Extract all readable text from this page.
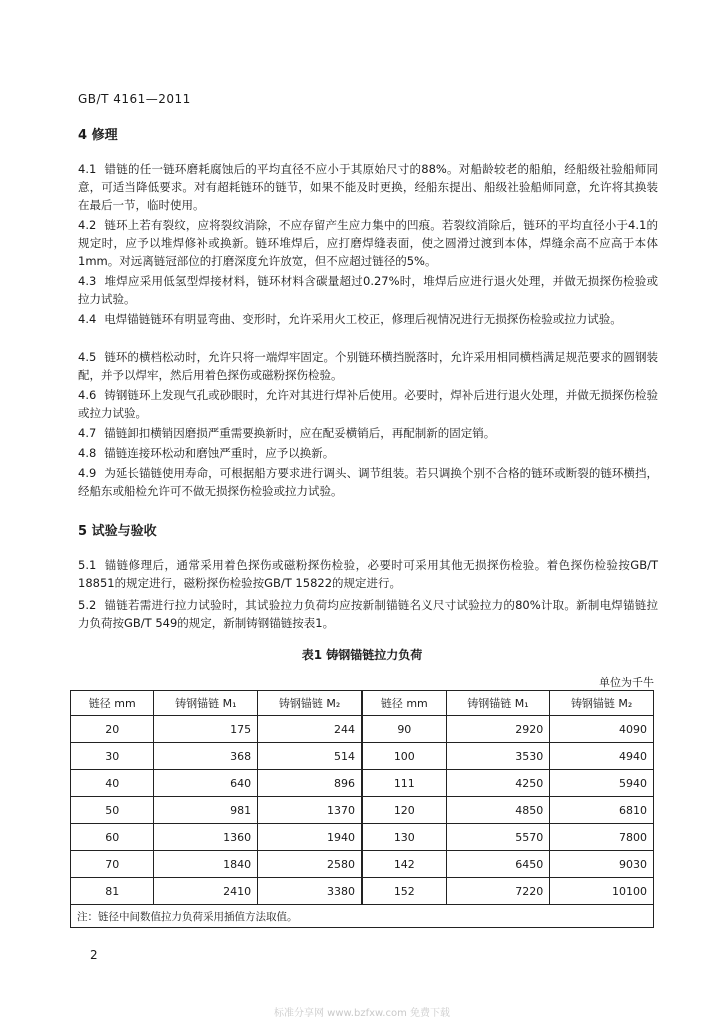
GB/T 4161—2011
4 修理
4.1 错链的任一链环磨耗腐蚀后的平均直径不应小于其原始尺寸的88%。对船龄较老的船舶，经船级社验船师同意，可适当降低要求。对有超耗链环的链节，如果不能及时更换，经船东提出、船级社验船师同意，允许将其换装在最后一节，临时使用。
4.2 链环上若有裂纹，应将裂纹消除，不应存留产生应力集中的凹痕。若裂纹消除后，链环的平均直径小于4.1的规定时，应予以堆焊修补或换新。链环堆焊后，应打磨焊缝表面，使之圆滑过渡到本体，焊缝余高不应高于本体1mm。对远离链冠部位的打磨深度允许放宽，但不应超过链径的5%。
4.3 堆焊应采用低氢型焊接材料，链环材料含碳量超过0.27%时，堆焊后应进行退火处理，并做无损探伤检验或拉力试验。
4.4 电焊锚链链环有明显弯曲、变形时，允许采用火工校正，修理后视情况进行无损探伤检验或拉力试验。
4.5 链环的横档松动时，允许只将一端焊牢固定。个别链环横挡脱落时，允许采用相同横档满足规范要求的圆钢装配，并予以焊牢，然后用着色探伤或磁粉探伤检验。
4.6 铸钢链环上发现气孔或砂眼时，允许对其进行焊补后使用。必要时，焊补后进行退火处理，并做无损探伤检验或拉力试验。
4.7 锚链卸扣横销因磨损严重需要换新时，应在配妥横销后，再配制新的固定销。
4.8 锚链连接环松动和磨蚀严重时，应予以换新。
4.9 为延长锚链使用寿命，可根据船方要求进行调头、调节组装。若只调换个别不合格的链环或断裂的链环横挡，经船东或船检允许可不做无损探伤检验或拉力试验。
5 试验与验收
5.1 锚链修理后，通常采用着色探伤或磁粉探伤检验，必要时可采用其他无损探伤检验。着色探伤检验按GB/T 18851的规定进行，磁粉探伤检验按GB/T 15822的规定进行。
5.2 锚链若需进行拉力试验时，其试验拉力负荷均应按新制锚链名义尺寸试验拉力的80%计取。新制电焊锚链拉力负荷按GB/T 549的规定，新制铸钢锚链按表1。
表1 铸钢锚链拉力负荷
单位为千牛
链径 mm	铸钢锚链 M₁	铸钢锚链 M₂	链径 mm	铸钢锚链 M₁	铸钢锚链 M₂
20	175	244	90	2920	4090
30	368	514	100	3530	4940
40	640	896	111	4250	5940
50	981	1370	120	4850	6810
60	1360	1940	130	5570	7800
70	1840	2580	142	6450	9030
81	2410	3380	152	7220	10100
注：链径中间数值拉力负荷采用插值方法取值。					
2
标准分享网 www.bzfxw.com 免费下载
